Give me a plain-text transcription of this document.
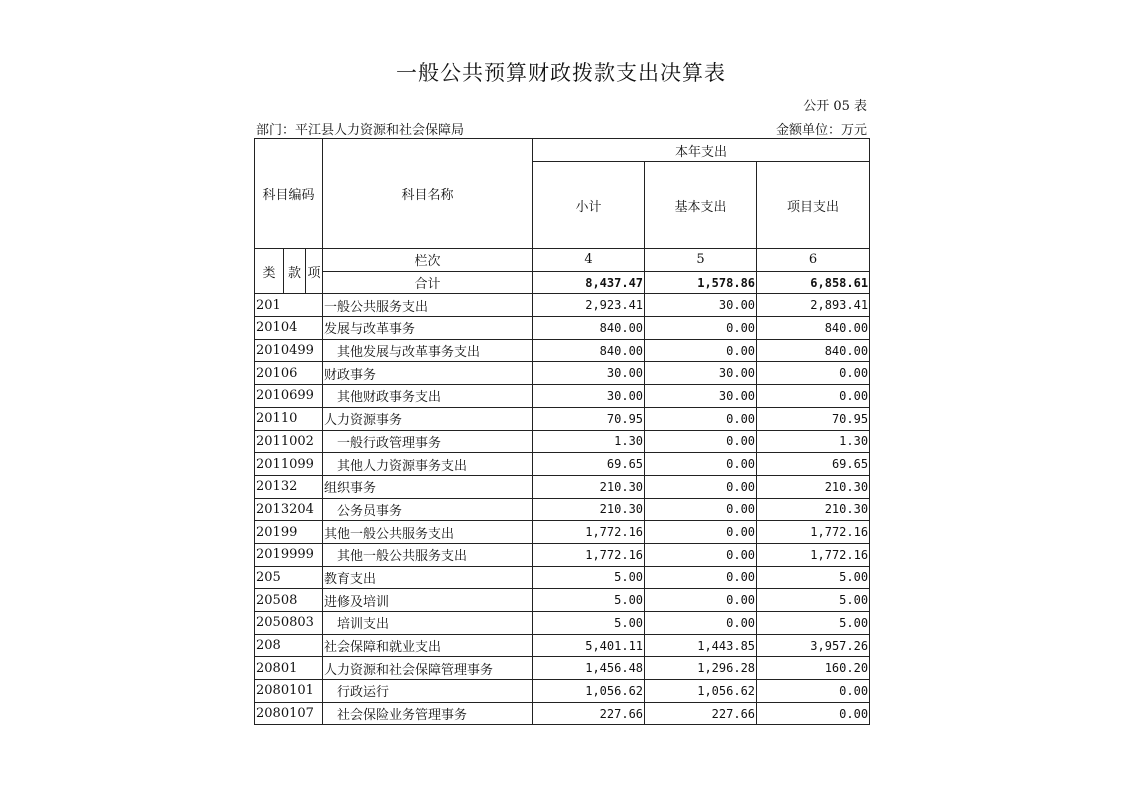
一般公共预算财政拨款支出决算表
公开 05 表
部门：平江县人力资源和社会保障局	金额单位：万元
科目编码			科目名称	本年支出		
				小计	基本支出	项目支出
类	款	项	栏次	4	5	6
			合计	8,437.47	1,578.86	6,858.61
201			一般公共服务支出	2,923.41	30.00	2,893.41
20104			发展与改革事务	840.00	0.00	840.00
2010499			其他发展与改革事务支出	840.00	0.00	840.00
20106			财政事务	30.00	30.00	0.00
2010699			其他财政事务支出	30.00	30.00	0.00
20110			人力资源事务	70.95	0.00	70.95
2011002			一般行政管理事务	1.30	0.00	1.30
2011099			其他人力资源事务支出	69.65	0.00	69.65
20132			组织事务	210.30	0.00	210.30
2013204			公务员事务	210.30	0.00	210.30
20199			其他一般公共服务支出	1,772.16	0.00	1,772.16
2019999			其他一般公共服务支出	1,772.16	0.00	1,772.16
205			教育支出	5.00	0.00	5.00
20508			进修及培训	5.00	0.00	5.00
2050803			培训支出	5.00	0.00	5.00
208			社会保障和就业支出	5,401.11	1,443.85	3,957.26
20801			人力资源和社会保障管理事务	1,456.48	1,296.28	160.20
2080101			行政运行	1,056.62	1,056.62	0.00
2080107			社会保险业务管理事务	227.66	227.66	0.00
